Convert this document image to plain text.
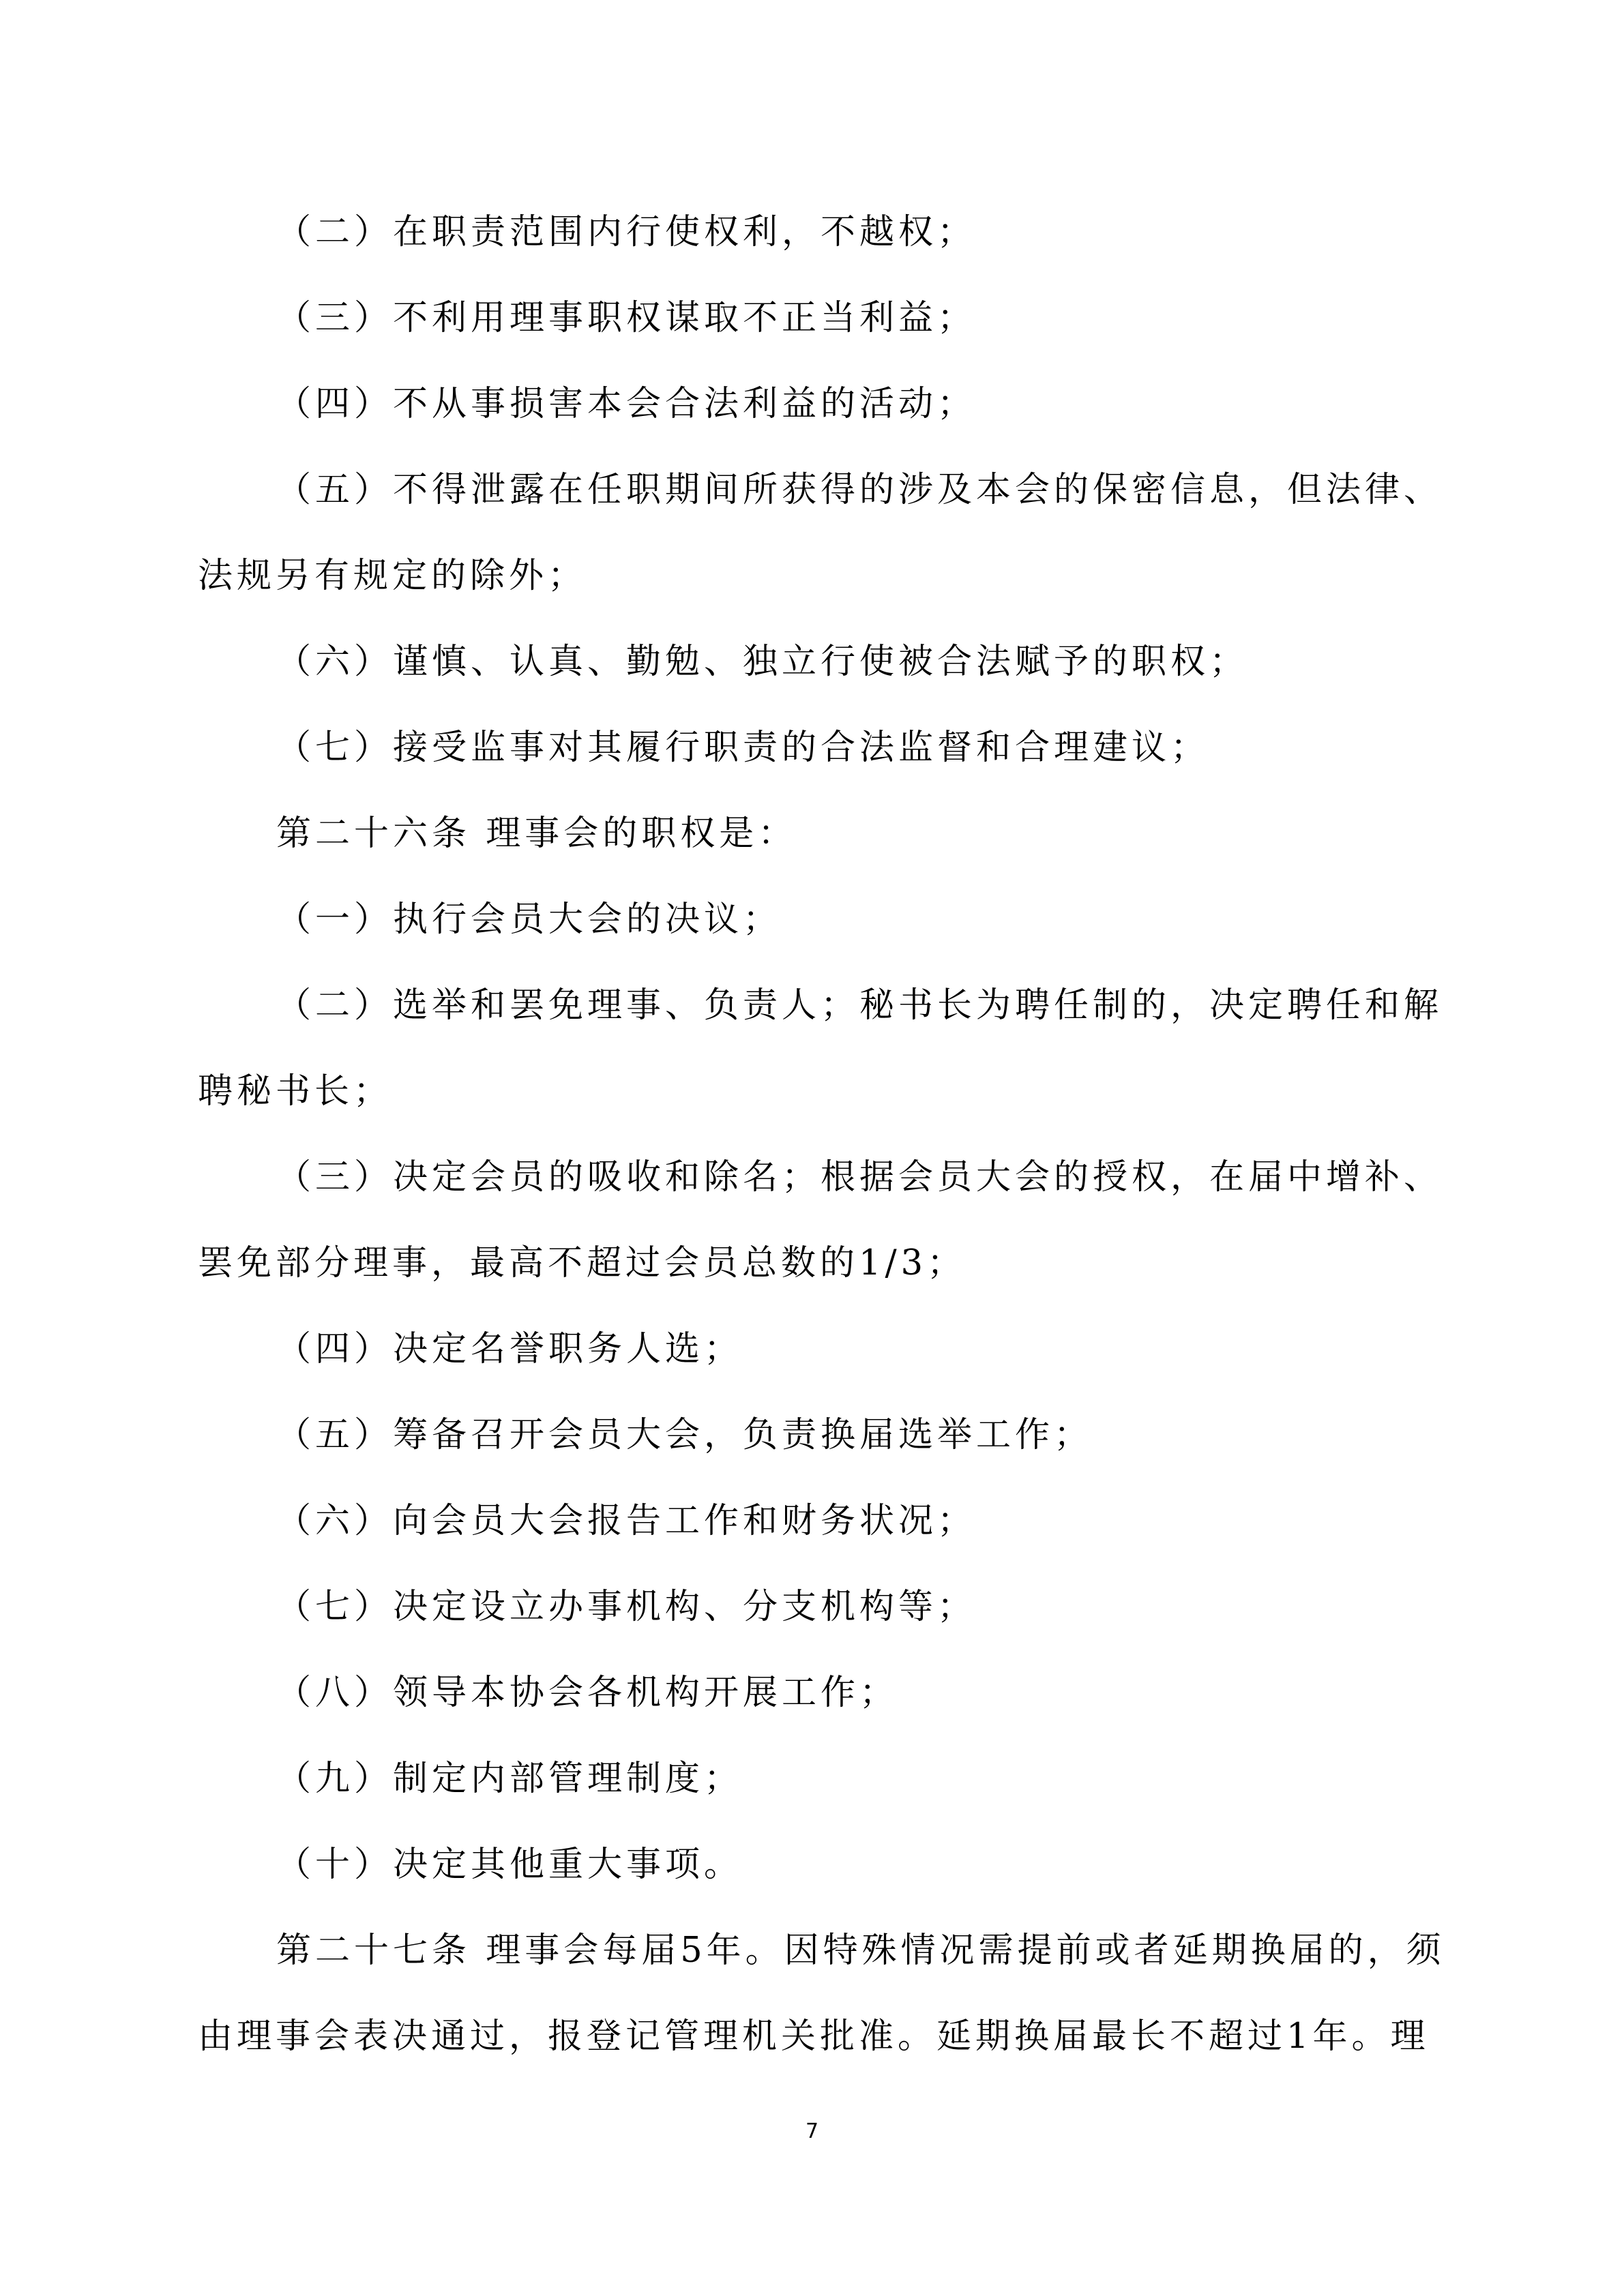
（二）在职责范围内行使权利，不越权；

（三）不利用理事职权谋取不正当利益；

（四）不从事损害本会合法利益的活动；

（五）不得泄露在任职期间所获得的涉及本会的保密信息，但法律、
法规另有规定的除外；

（六）谨慎、认真、勤勉、独立行使被合法赋予的职权；

（七）接受监事对其履行职责的合法监督和合理建议；

第二十六条 理事会的职权是：

（一）执行会员大会的决议；

（二）选举和罢免理事、负责人；秘书长为聘任制的，决定聘任和解
聘秘书长；

（三）决定会员的吸收和除名；根据会员大会的授权，在届中增补、
罢免部分理事，最高不超过会员总数的1/3；

（四）决定名誉职务人选；

（五）筹备召开会员大会，负责换届选举工作；

（六）向会员大会报告工作和财务状况；

（七）决定设立办事机构、分支机构等；

（八）领导本协会各机构开展工作；

（九）制定内部管理制度；

（十）决定其他重大事项。

第二十七条 理事会每届5年。因特殊情况需提前或者延期换届的，须
由理事会表决通过，报登记管理机关批准。延期换届最长不超过1年。理

7
